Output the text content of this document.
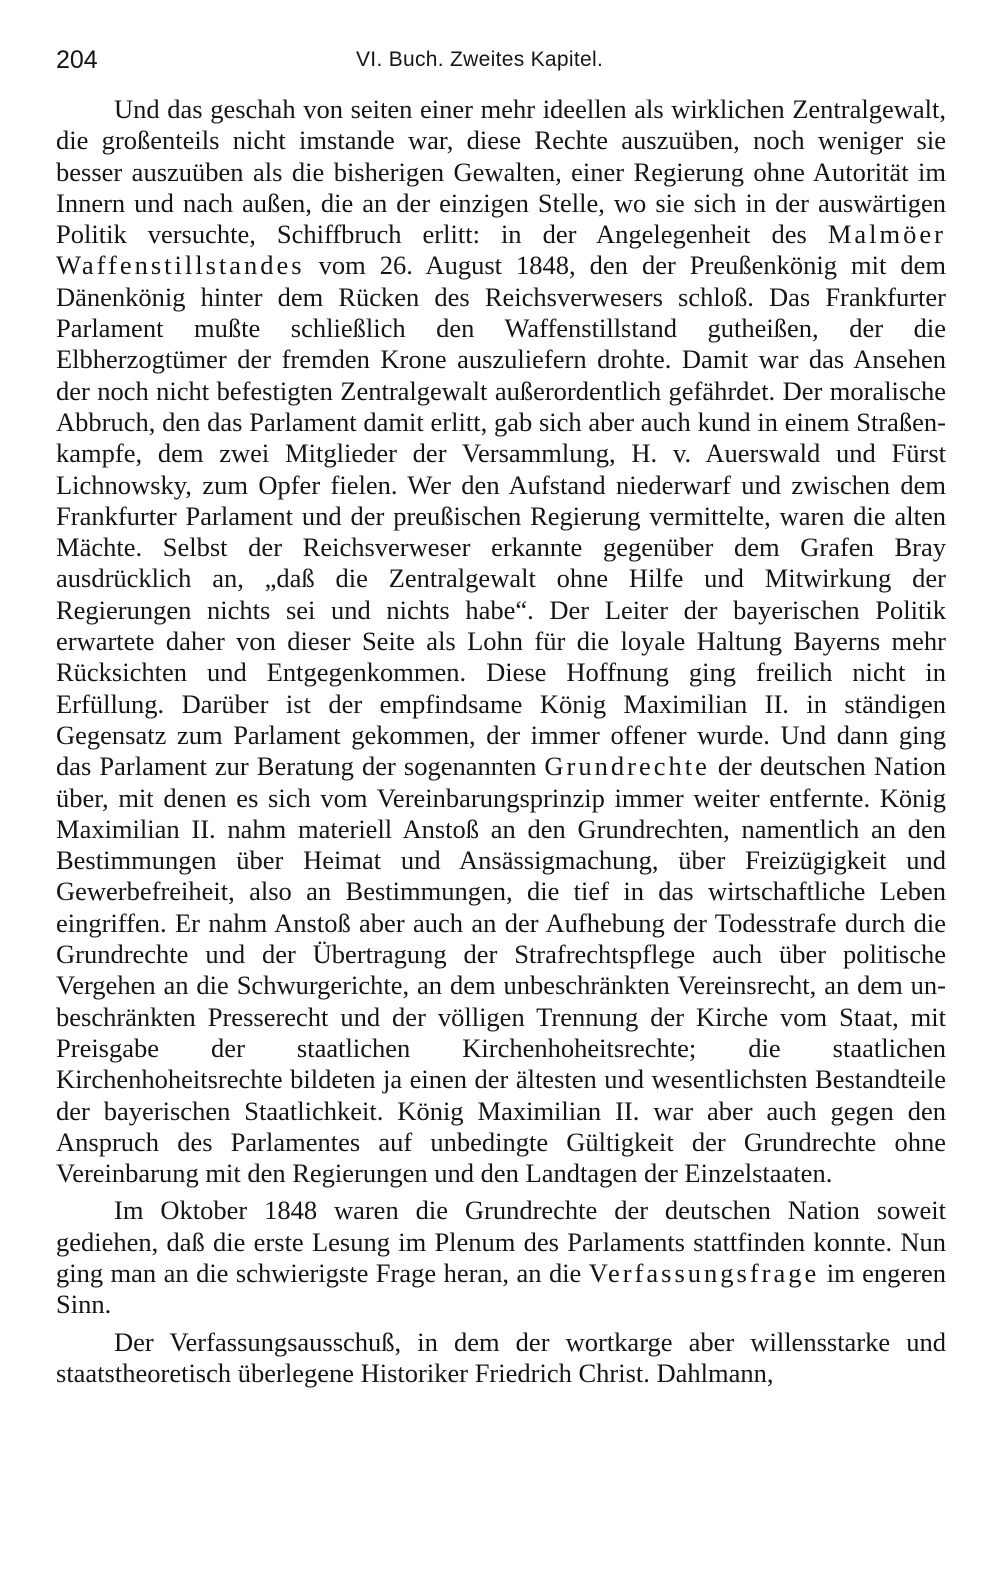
204	VI. Buch. Zweites Kapitel.

Und das geschah von seiten einer mehr ideellen als wirklichen Zentralgewalt, die großenteils nicht imstande war, diese Rechte auszuüben, noch weniger sie besser auszuüben als die bisherigen Gewalten, einer Regierung ohne Autorität im Innern und nach außen, die an der einzigen Stelle, wo sie sich in der auswärtigen Politik versuchte, Schiffbruch erlitt: in der Angelegenheit des Malmöer Waffenstillstandes vom 26. August 1848, den der Preußenkönig mit dem Dänenkönig hinter dem Rücken des Reichsverwesers schloß. Das Frankfurter Parlament mußte schließlich den Waffenstillstand gutheißen, der die Elbherzogtümer der fremden Krone auszuliefern drohte. Damit war das Ansehen der noch nicht befestigten Zentralgewalt außerordentlich gefährdet. Der moralische Abbruch, den das Parlament damit erlitt, gab sich aber auch kund in einem Straßenkampfe, dem zwei Mitglieder der Versammlung, H. v. Auerswald und Fürst Lichnowsky, zum Opfer fielen. Wer den Aufstand niederwarf und zwischen dem Frankfurter Parlament und der preußischen Regierung vermittelte, waren die alten Mächte. Selbst der Reichsverweser erkannte gegenüber dem Grafen Bray ausdrücklich an, „daß die Zentralgewalt ohne Hilfe und Mitwirkung der Regierungen nichts sei und nichts habe“. Der Leiter der bayerischen Politik erwartete daher von dieser Seite als Lohn für die loyale Haltung Bayerns mehr Rücksichten und Entgegenkommen. Diese Hoffnung ging freilich nicht in Erfüllung. Darüber ist der empfindsame König Maximilian II. in ständigen Gegensatz zum Parlament gekommen, der immer offener wurde. Und dann ging das Parlament zur Beratung der sogenannten Grundrechte der deutschen Nation über, mit denen es sich vom Vereinbarungsprinzip immer weiter entfernte. König Maximilian II. nahm materiell Anstoß an den Grundrechten, namentlich an den Bestimmungen über Heimat und Ansässigmachung, über Freizügigkeit und Gewerbefreiheit, also an Bestimmungen, die tief in das wirtschaftliche Leben eingriffen. Er nahm Anstoß aber auch an der Aufhebung der Todesstrafe durch die Grundrechte und der Übertragung der Strafrechtspflege auch über politische Vergehen an die Schwurgerichte, an dem unbeschränkten Vereinsrecht, an dem unbeschränkten Presserecht und der völligen Trennung der Kirche vom Staat, mit Preisgabe der staatlichen Kirchenhoheitsrechte; die staatlichen Kirchenhoheitsrechte bildeten ja einen der ältesten und wesentlichsten Bestandteile der bayerischen Staatlichkeit. König Maximilian II. war aber auch gegen den Anspruch des Parlamentes auf unbedingte Gültigkeit der Grundrechte ohne Vereinbarung mit den Regierungen und den Landtagen der Einzelstaaten.

Im Oktober 1848 waren die Grundrechte der deutschen Nation soweit gediehen, daß die erste Lesung im Plenum des Parlaments stattfinden konnte. Nun ging man an die schwierigste Frage heran, an die Verfassungsfrage im engeren Sinn.

Der Verfassungsausschuß, in dem der wortkarge aber willensstarke und staatstheoretisch überlegene Historiker Friedrich Christ. Dahlmann,
